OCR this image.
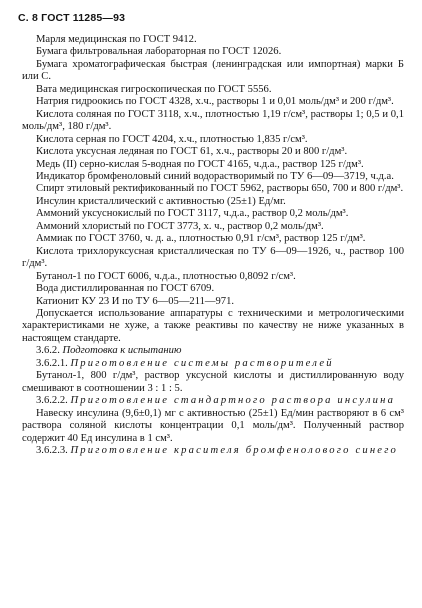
С. 8 ГОСТ 11285—93

Марля медицинская по ГОСТ 9412.

Бумага фильтровальная лабораторная по ГОСТ 12026.

Бумага хроматографическая быстрая (ленинградская или импортная) марки Б или С.

Вата медицинская гигроскопическая по ГОСТ 5556.

Натрия гидроокись по ГОСТ 4328, х.ч., растворы 1 и 0,01 моль/дм³ и 200 г/дм³.

Кислота соляная по ГОСТ 3118, х.ч., плотностью 1,19 г/см³, растворы 1; 0,5 и 0,1 моль/дм³, 180 г/дм³.

Кислота серная по ГОСТ 4204, х.ч., плотностью 1,835 г/см³.

Кислота уксусная ледяная по ГОСТ 61, х.ч., растворы 20 и 800 г/дм³.

Медь (II) серно-кислая 5-водная по ГОСТ 4165, ч.д.а., раствор 125 г/дм³.

Индикатор бромфеноловый синий водорастворимый по ТУ 6—09—3719, ч.д.а.

Спирт этиловый ректификованный по ГОСТ 5962, растворы 650, 700 и 800 г/дм³.

Инсулин кристаллический с активностью (25±1) Ед/мг.

Аммоний уксуснокислый по ГОСТ 3117, ч.д.а., раствор 0,2 моль/дм³.

Аммоний хлористый по ГОСТ 3773, х. ч., раствор 0,2 моль/дм³.

Аммиак по ГОСТ 3760, ч. д. а., плотностью 0,91 г/см³, раствор 125 г/дм³.

Кислота трихлоруксусная кристаллическая по ТУ 6—09—1926, ч., раствор 100 г/дм³.

Бутанол-1 по ГОСТ 6006, ч.д.а., плотностью 0,8092 г/см³.

Вода дистиллированная по ГОСТ 6709.

Катионит КУ 23 И по ТУ 6—05—211—971.

Допускается использование аппаратуры с техническими и метрологическими характеристиками не хуже, а также реактивы по качеству не ниже указанных в настоящем стандарте.

3.6.2. Подготовка к испытанию

3.6.2.1. Приготовление системы растворителей

Бутанол-1, 800 г/дм³, раствор уксусной кислоты и дистиллированную воду смешивают в соотношении 3 : 1 : 5.

3.6.2.2. Приготовление стандартного раствора инсулина

Навеску инсулина (9,6±0,1) мг с активностью (25±1) Ед/мин растворяют в 6 см³ раствора соляной кислоты концентрации 0,1 моль/дм³. Полученный раствор содержит 40 Ед инсулина в 1 см³.

3.6.2.3. Приготовление красителя бромфенолового синего
